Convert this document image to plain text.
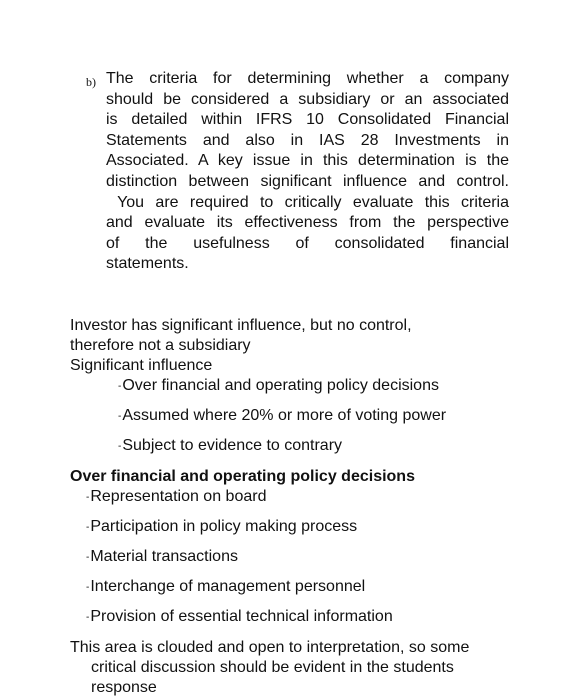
b) The criteria for determining whether a company
should be considered a subsidiary or an associated
is detailed within IFRS 10 Consolidated Financial
Statements and also in IAS 28 Investments in
Associated. A key issue in this determination is the
distinction between significant influence and control.
You are required to critically evaluate this criteria
and evaluate its effectiveness from the perspective
of the usefulness of consolidated financial
statements.
Investor has significant influence, but no control,
therefore not a subsidiary
Significant influence
-Over financial and operating policy decisions
-Assumed where 20% or more of voting power
-Subject to evidence to contrary
Over financial and operating policy decisions
-Representation on board
-Participation in policy making process
-Material transactions
-Interchange of management personnel
-Provision of essential technical information
This area is clouded and open to interpretation, so some
critical discussion should be evident in the students
response
